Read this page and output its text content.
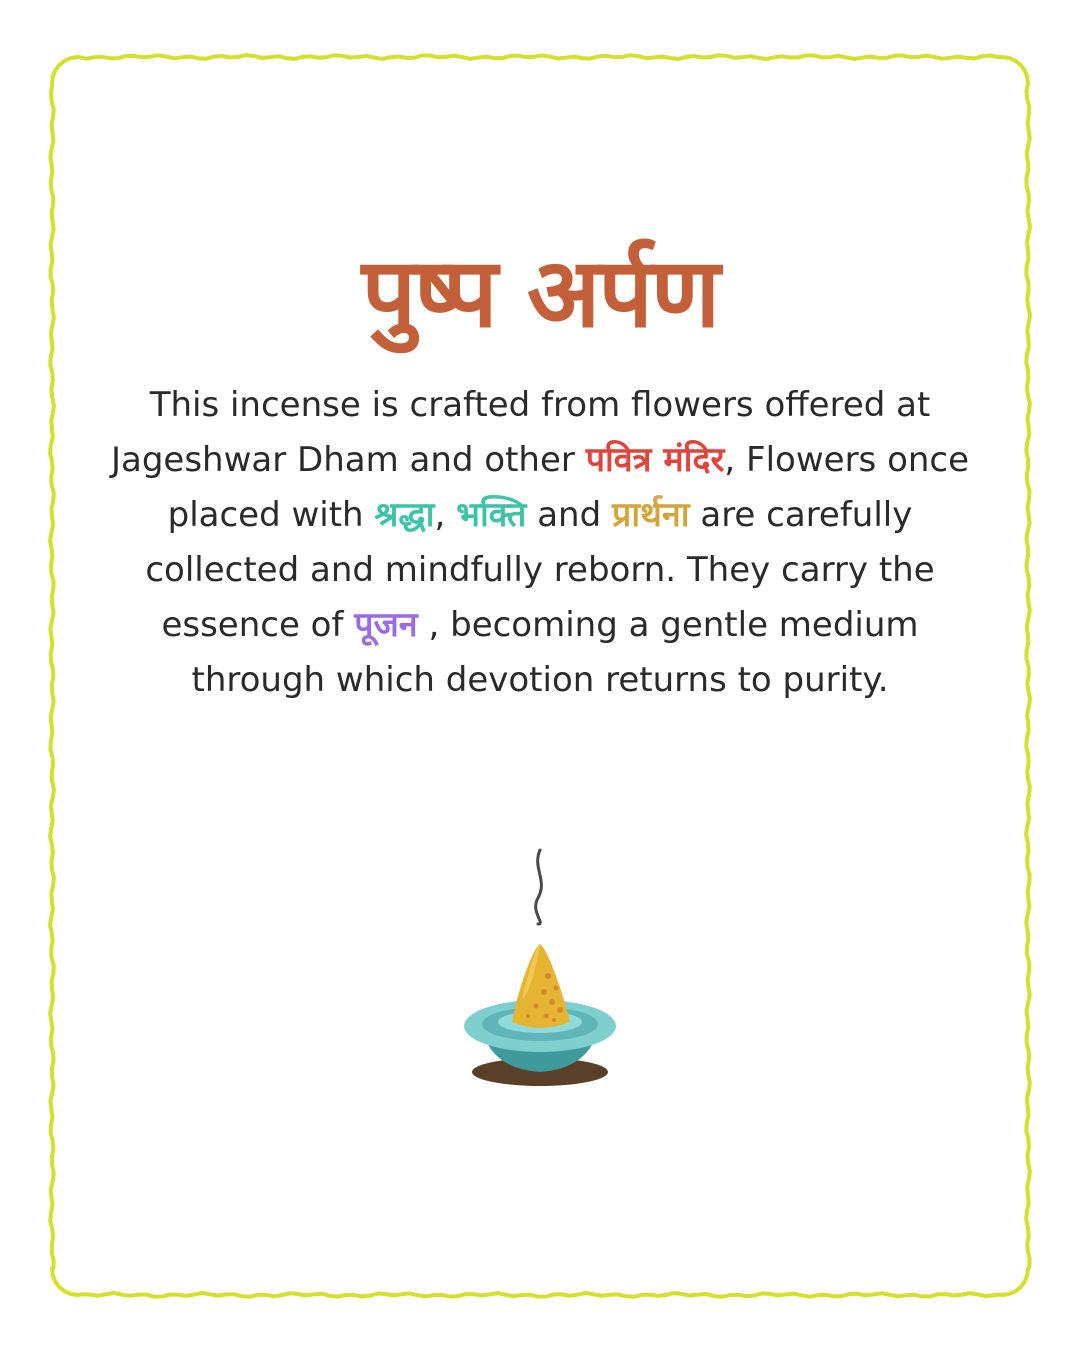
पुष्प अर्पण
This incense is crafted from flowers offered at Jageshwar Dham and other पवित्र मंदिर, Flowers once placed with श्रद्धा, भक्ति and प्रार्थना are carefully collected and mindfully reborn. They carry the essence of पूजन , becoming a gentle medium through which devotion returns to purity.
